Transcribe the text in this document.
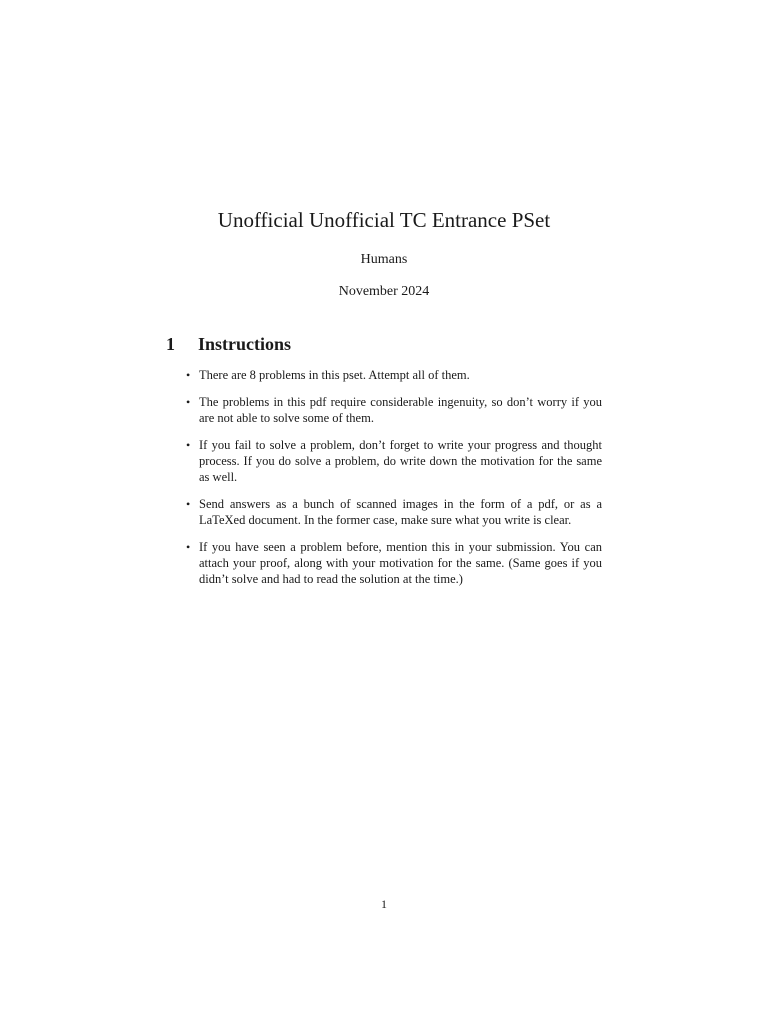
Unofficial Unofficial TC Entrance PSet
Humans
November 2024
1 Instructions
• There are 8 problems in this pset. Attempt all of them.
• The problems in this pdf require considerable ingenuity, so don’t worry if you are not able to solve some of them.
• If you fail to solve a problem, don’t forget to write your progress and thought process. If you do solve a problem, do write down the motivation for the same as well.
• Send answers as a bunch of scanned images in the form of a pdf, or as a LaTeXed document. In the former case, make sure what you write is clear.
• If you have seen a problem before, mention this in your submission. You can attach your proof, along with your motivation for the same. (Same goes if you didn’t solve and had to read the solution at the time.)
1
